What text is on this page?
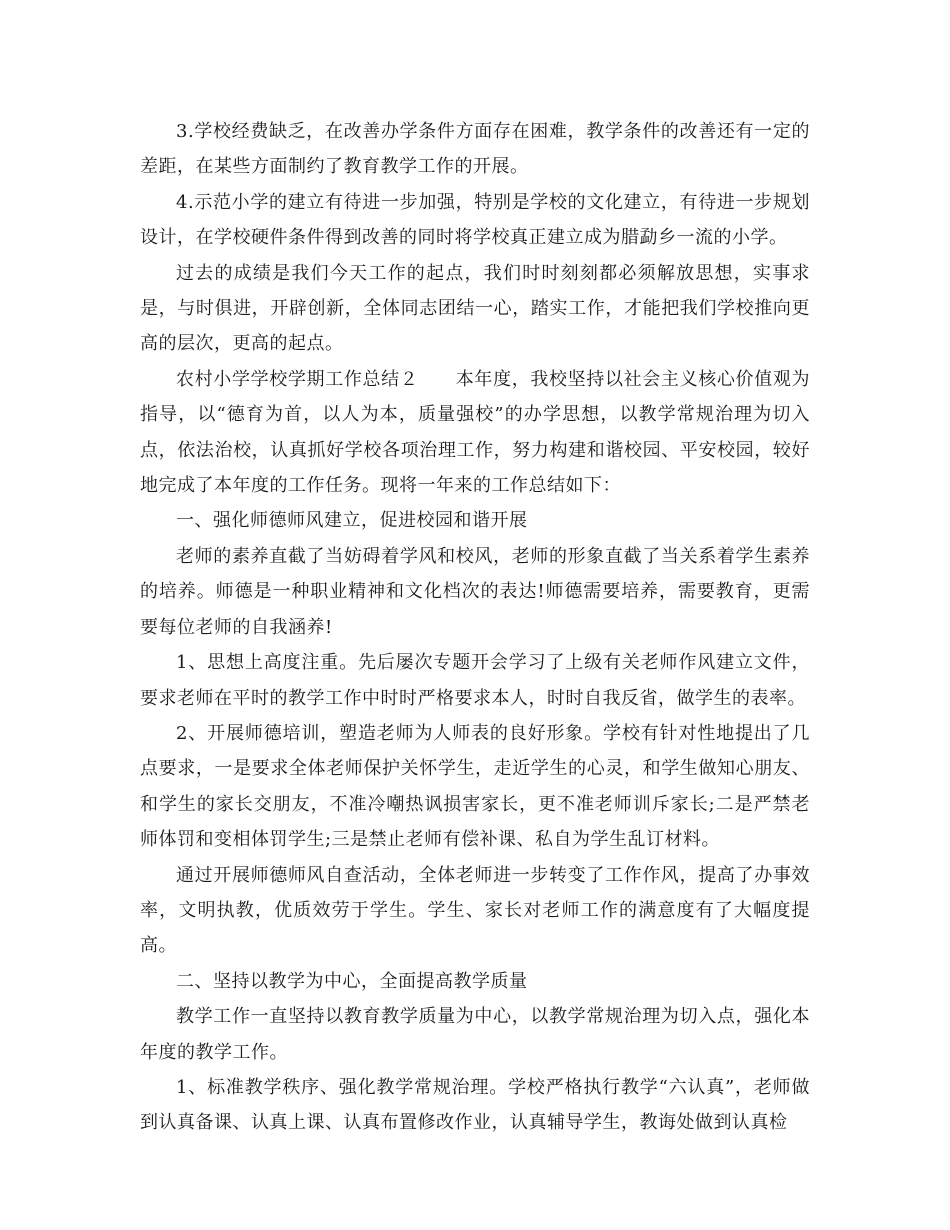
3.学校经费缺乏，在改善办学条件方面存在困难，教学条件的改善还有一定的差距，在某些方面制约了教育教学工作的开展。

4.示范小学的建立有待进一步加强，特别是学校的文化建立，有待进一步规划设计，在学校硬件条件得到改善的同时将学校真正建立成为腊勐乡一流的小学。

过去的成绩是我们今天工作的起点，我们时时刻刻都必须解放思想，实事求是，与时俱进，开辟创新，全体同志团结一心，踏实工作，才能把我们学校推向更高的层次，更高的起点。

农村小学学校学期工作总结２　　本年度，我校坚持以社会主义核心价值观为指导，以“德育为首，以人为本，质量强校”的办学思想，以教学常规治理为切入点，依法治校，认真抓好学校各项治理工作，努力构建和谐校园、平安校园，较好地完成了本年度的工作任务。现将一年来的工作总结如下：

一、强化师德师风建立，促进校园和谐开展

老师的素养直截了当妨碍着学风和校风，老师的形象直截了当关系着学生素养的培养。师德是一种职业精神和文化档次的表达!师德需要培养，需要教育，更需要每位老师的自我涵养!

1、思想上高度注重。先后屡次专题开会学习了上级有关老师作风建立文件，要求老师在平时的教学工作中时时严格要求本人，时时自我反省，做学生的表率。

2、开展师德培训，塑造老师为人师表的良好形象。学校有针对性地提出了几点要求，一是要求全体老师保护关怀学生，走近学生的心灵，和学生做知心朋友、和学生的家长交朋友，不准冷嘲热讽损害家长，更不准老师训斥家长;二是严禁老师体罚和变相体罚学生;三是禁止老师有偿补课、私自为学生乱订材料。

通过开展师德师风自查活动，全体老师进一步转变了工作作风，提高了办事效率，文明执教，优质效劳于学生。学生、家长对老师工作的满意度有了大幅度提高。

二、坚持以教学为中心，全面提高教学质量

教学工作一直坚持以教育教学质量为中心，以教学常规治理为切入点，强化本年度的教学工作。

1、标准教学秩序、强化教学常规治理。学校严格执行教学“六认真”，老师做到认真备课、认真上课、认真布置修改作业，认真辅导学生，教诲处做到认真检
